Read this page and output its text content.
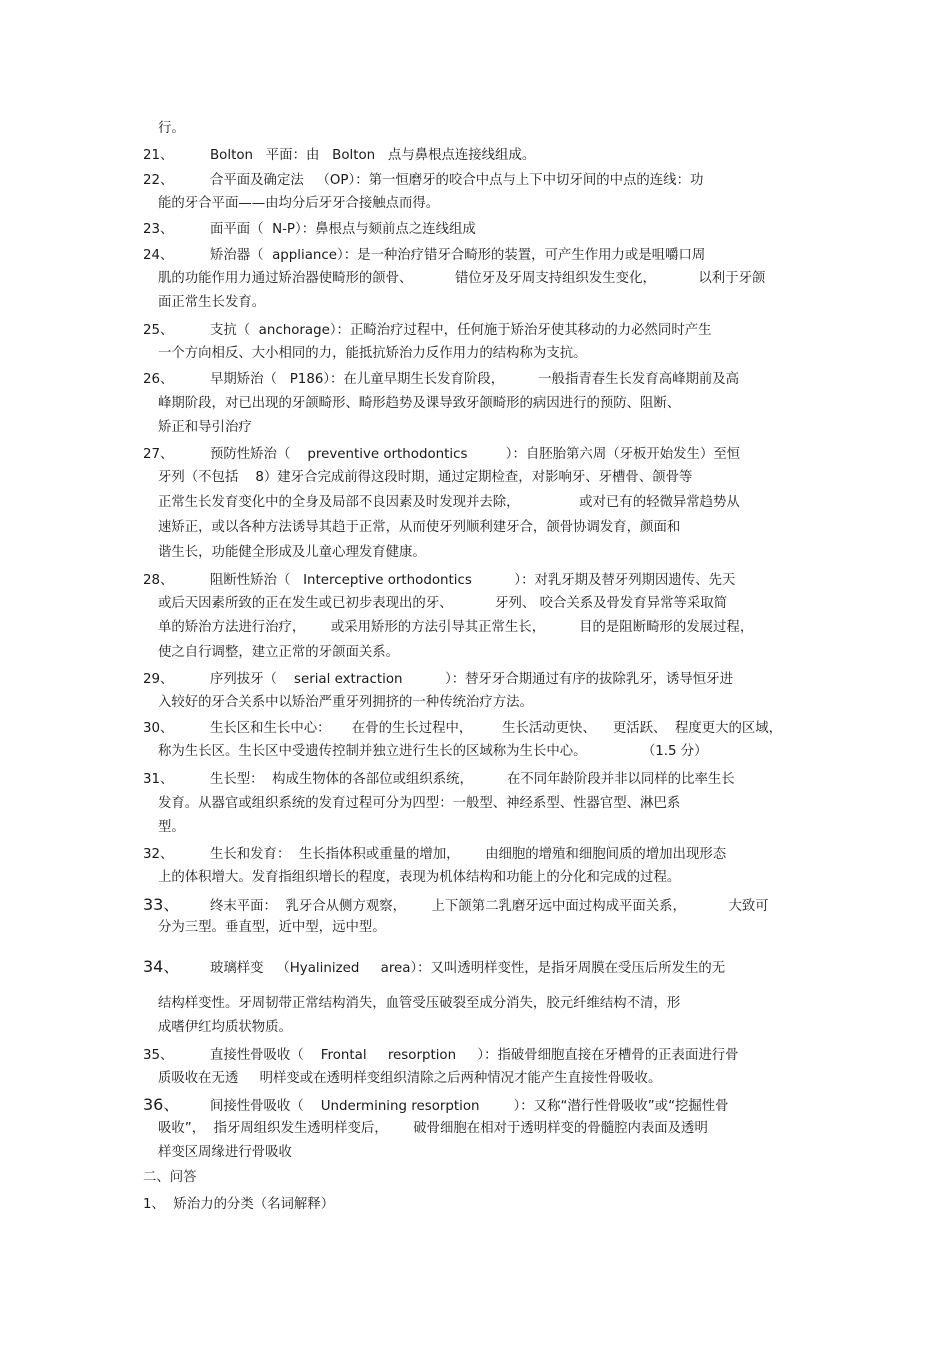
行。

21、	Bolton   平面：由   Bolton   点与鼻根点连接线组成。

22、	合平面及确定法   （OP）：第一恒磨牙的咬合中点与上下中切牙间的中点的连线：功

能的牙合平面——由均分后牙牙合接触点而得。

23、	面平面（  N-P）：鼻根点与颏前点之连线组成

24、	矫治器（  appliance）：是一种治疗错牙合畸形的装置，可产生作用力或是咀嚼口周

肌的功能作用力通过矫治器使畸形的颌骨、          错位牙及牙周支持组织发生变化，          以利于牙颌

面正常生长发育。

25、	支抗（  anchorage）：正畸治疗过程中，任何施于矫治牙使其移动的力必然同时产生

一个方向相反、大小相同的力，能抵抗矫治力反作用力的结构称为支抗。

26、	早期矫治（   P186）：在儿童早期生长发育阶段，        一般指青春生长发育高峰期前及高

峰期阶段，对已出现的牙颌畸形、畸形趋势及课导致牙颌畸形的病因进行的预防、阻断、

矫正和导引治疗

27、	预防性矫治（    preventive orthodontics         ）：自胚胎第六周（牙板开始发生）至恒

牙列（不包括    8）建牙合完成前得这段时期，通过定期检查，对影响牙、牙槽骨、颌骨等

正常生长发育变化中的全身及局部不良因素及时发现并去除，              或对已有的轻微异常趋势从

速矫正，或以各种方法诱导其趋于正常，从而使牙列顺利建牙合，颌骨协调发育，颜面和

谐生长，功能健全形成及儿童心理发育健康。

28、	阻断性矫治（   Interceptive orthodontics          ）：对乳牙期及替牙列期因遗传、先天

或后天因素所致的正在发生或已初步表现出的牙、          牙列、 咬合关系及骨发育异常等采取简

单的矫治方法进行治疗，      或采用矫形的方法引导其正常生长，        目的是阻断畸形的发展过程，

使之自行调整，建立正常的牙颌面关系。

29、	序列拔牙（    serial extraction          ）：替牙牙合期通过有序的拔除乳牙，诱导恒牙进

入较好的牙合关系中以矫治严重牙列拥挤的一种传统治疗方法。

30、	生长区和生长中心：     在骨的生长过程中，       生长活动更快、    更活跃、  程度更大的区域，

称为生长区。生长区中受遗传控制并独立进行生长的区域称为生长中心。             （1.5 分）

31、	生长型：  构成生物体的各部位或组织系统，        在不同年龄阶段并非以同样的比率生长

发育。从器官或组织系统的发育过程可分为四型：一般型、神经系型、性器官型、淋巴系

型。

32、	生长和发育：  生长指体积或重量的增加，      由细胞的增殖和细胞间质的增加出现形态

上的体积增大。发育指组织增长的程度，表现为机体结构和功能上的分化和完成的过程。

33、 终末平面：  乳牙合从侧方观察，      上下颌第二乳磨牙远中面过构成平面关系，          大致可

分为三型。垂直型，近中型，远中型。

34、 玻璃样变   （Hyalinized     area）：又叫透明样变性，是指牙周膜在受压后所发生的无

结构样变性。牙周韧带正常结构消失，血管受压破裂至成分消失，胶元纤维结构不清，形

成嗜伊红均质状物质。

35、	直接性骨吸收（    Frontal     resorption     ）：指破骨细胞直接在牙槽骨的正表面进行骨

质吸收在无透     明样变或在透明样变组织清除之后两种情况才能产生直接性骨吸收。

36、 间接性骨吸收（    Undermining resorption        ）：又称“潜行性骨吸收”或“挖掘性骨

吸收”，  指牙周组织发生透明样变后，      破骨细胞在相对于透明样变的骨髓腔内表面及透明

样变区周缘进行骨吸收

二、问答

1、  矫治力的分类（名词解释）
